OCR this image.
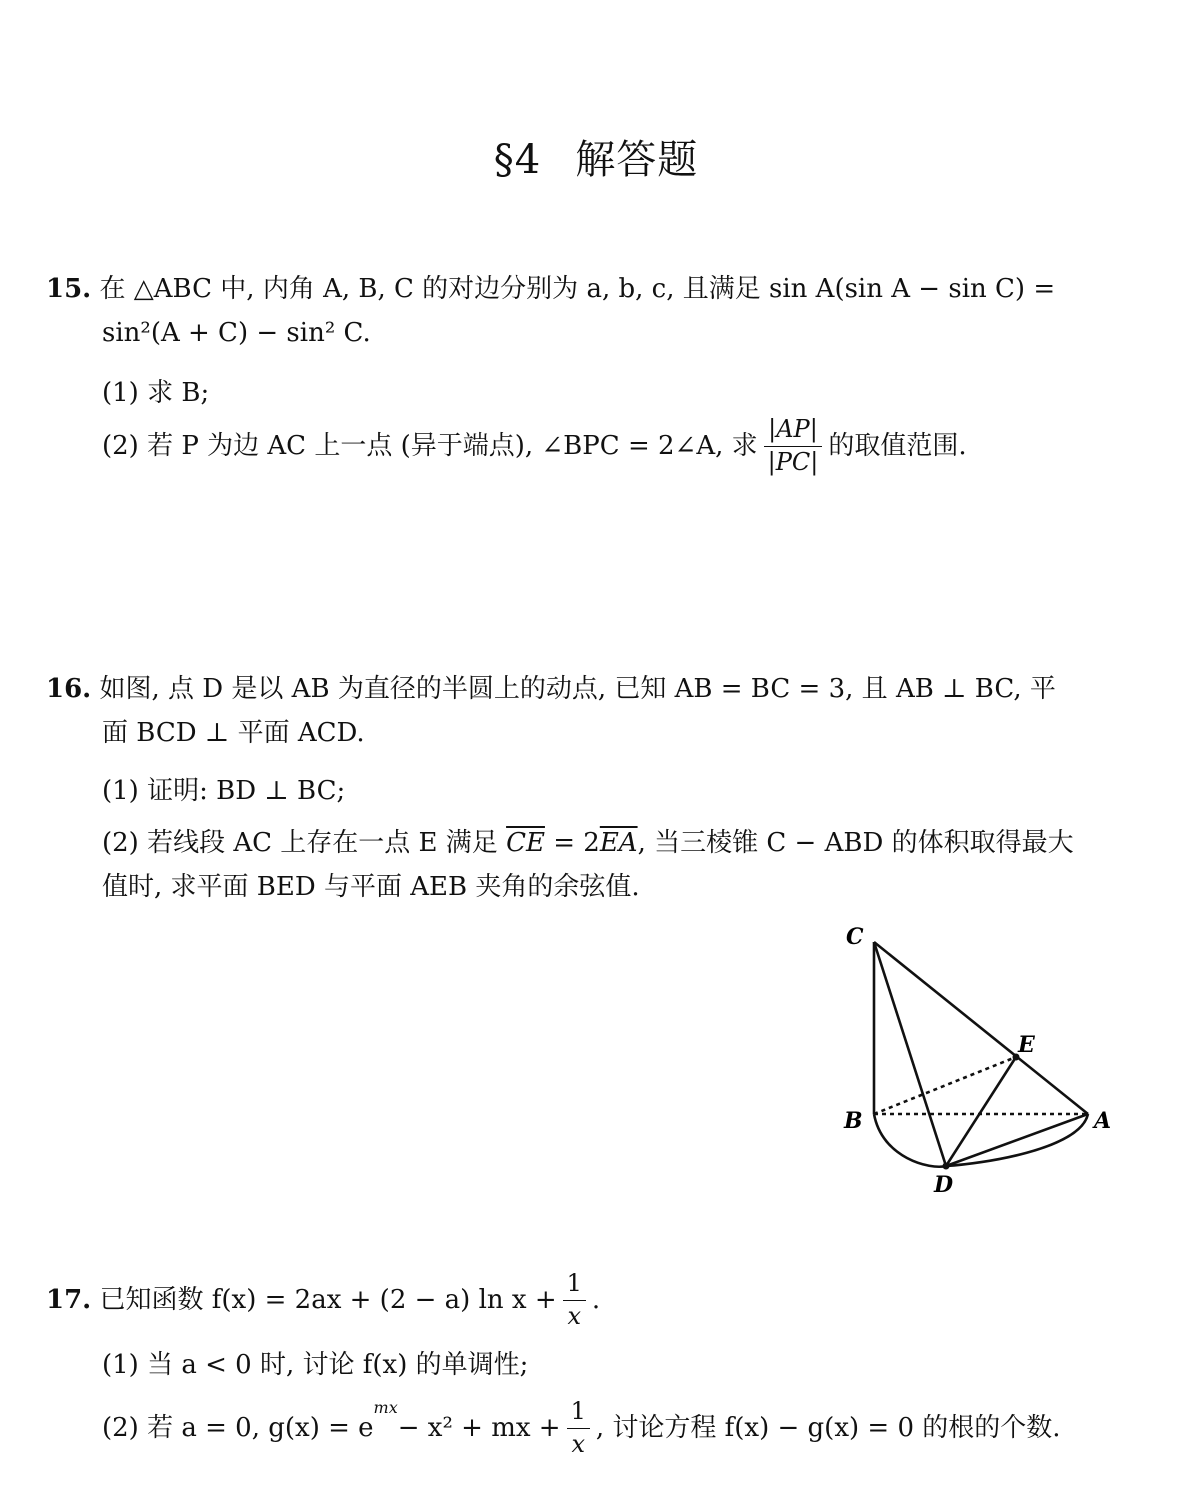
§4 解答题
15. 在 △ABC 中, 内角 A, B, C 的对边分别为 a, b, c, 且满足 sin A(sin A − sin C) =
sin²(A + C) − sin² C.
(1) 求 B;
(2) 若 P 为边 AC 上一点 (异于端点), ∠BPC = 2∠A, 求 $\frac{|AP|}{|PC|}$ 的取值范围.
16. 如图, 点 D 是以 AB 为直径的半圆上的动点, 已知 AB = BC = 3, 且 AB ⊥ BC, 平
面 BCD ⊥ 平面 ACD.
(1) 证明: BD ⊥ BC;
(2) 若线段 AC 上存在一点 E 满足 $\overline{CE} = 2\overline{EA}$, 当三棱锥 C − ABD 的体积取得最大
值时, 求平面 BED 与平面 AEB 夹角的余弦值.
C
E
B	A
D
17.
已知函数 f(x) = 2ax + (2 − a) $\ln x + \frac{1}{x}$ .
(1) 当 a < 0 时, 讨论 f(x) 的单调性;
(2) 若 a = 0, g(x) = e
$^{mx}$
− x² + mx + $\frac{1}{x}$ , 讨论方程 f(x) − g(x) = 0 的根的个数.
